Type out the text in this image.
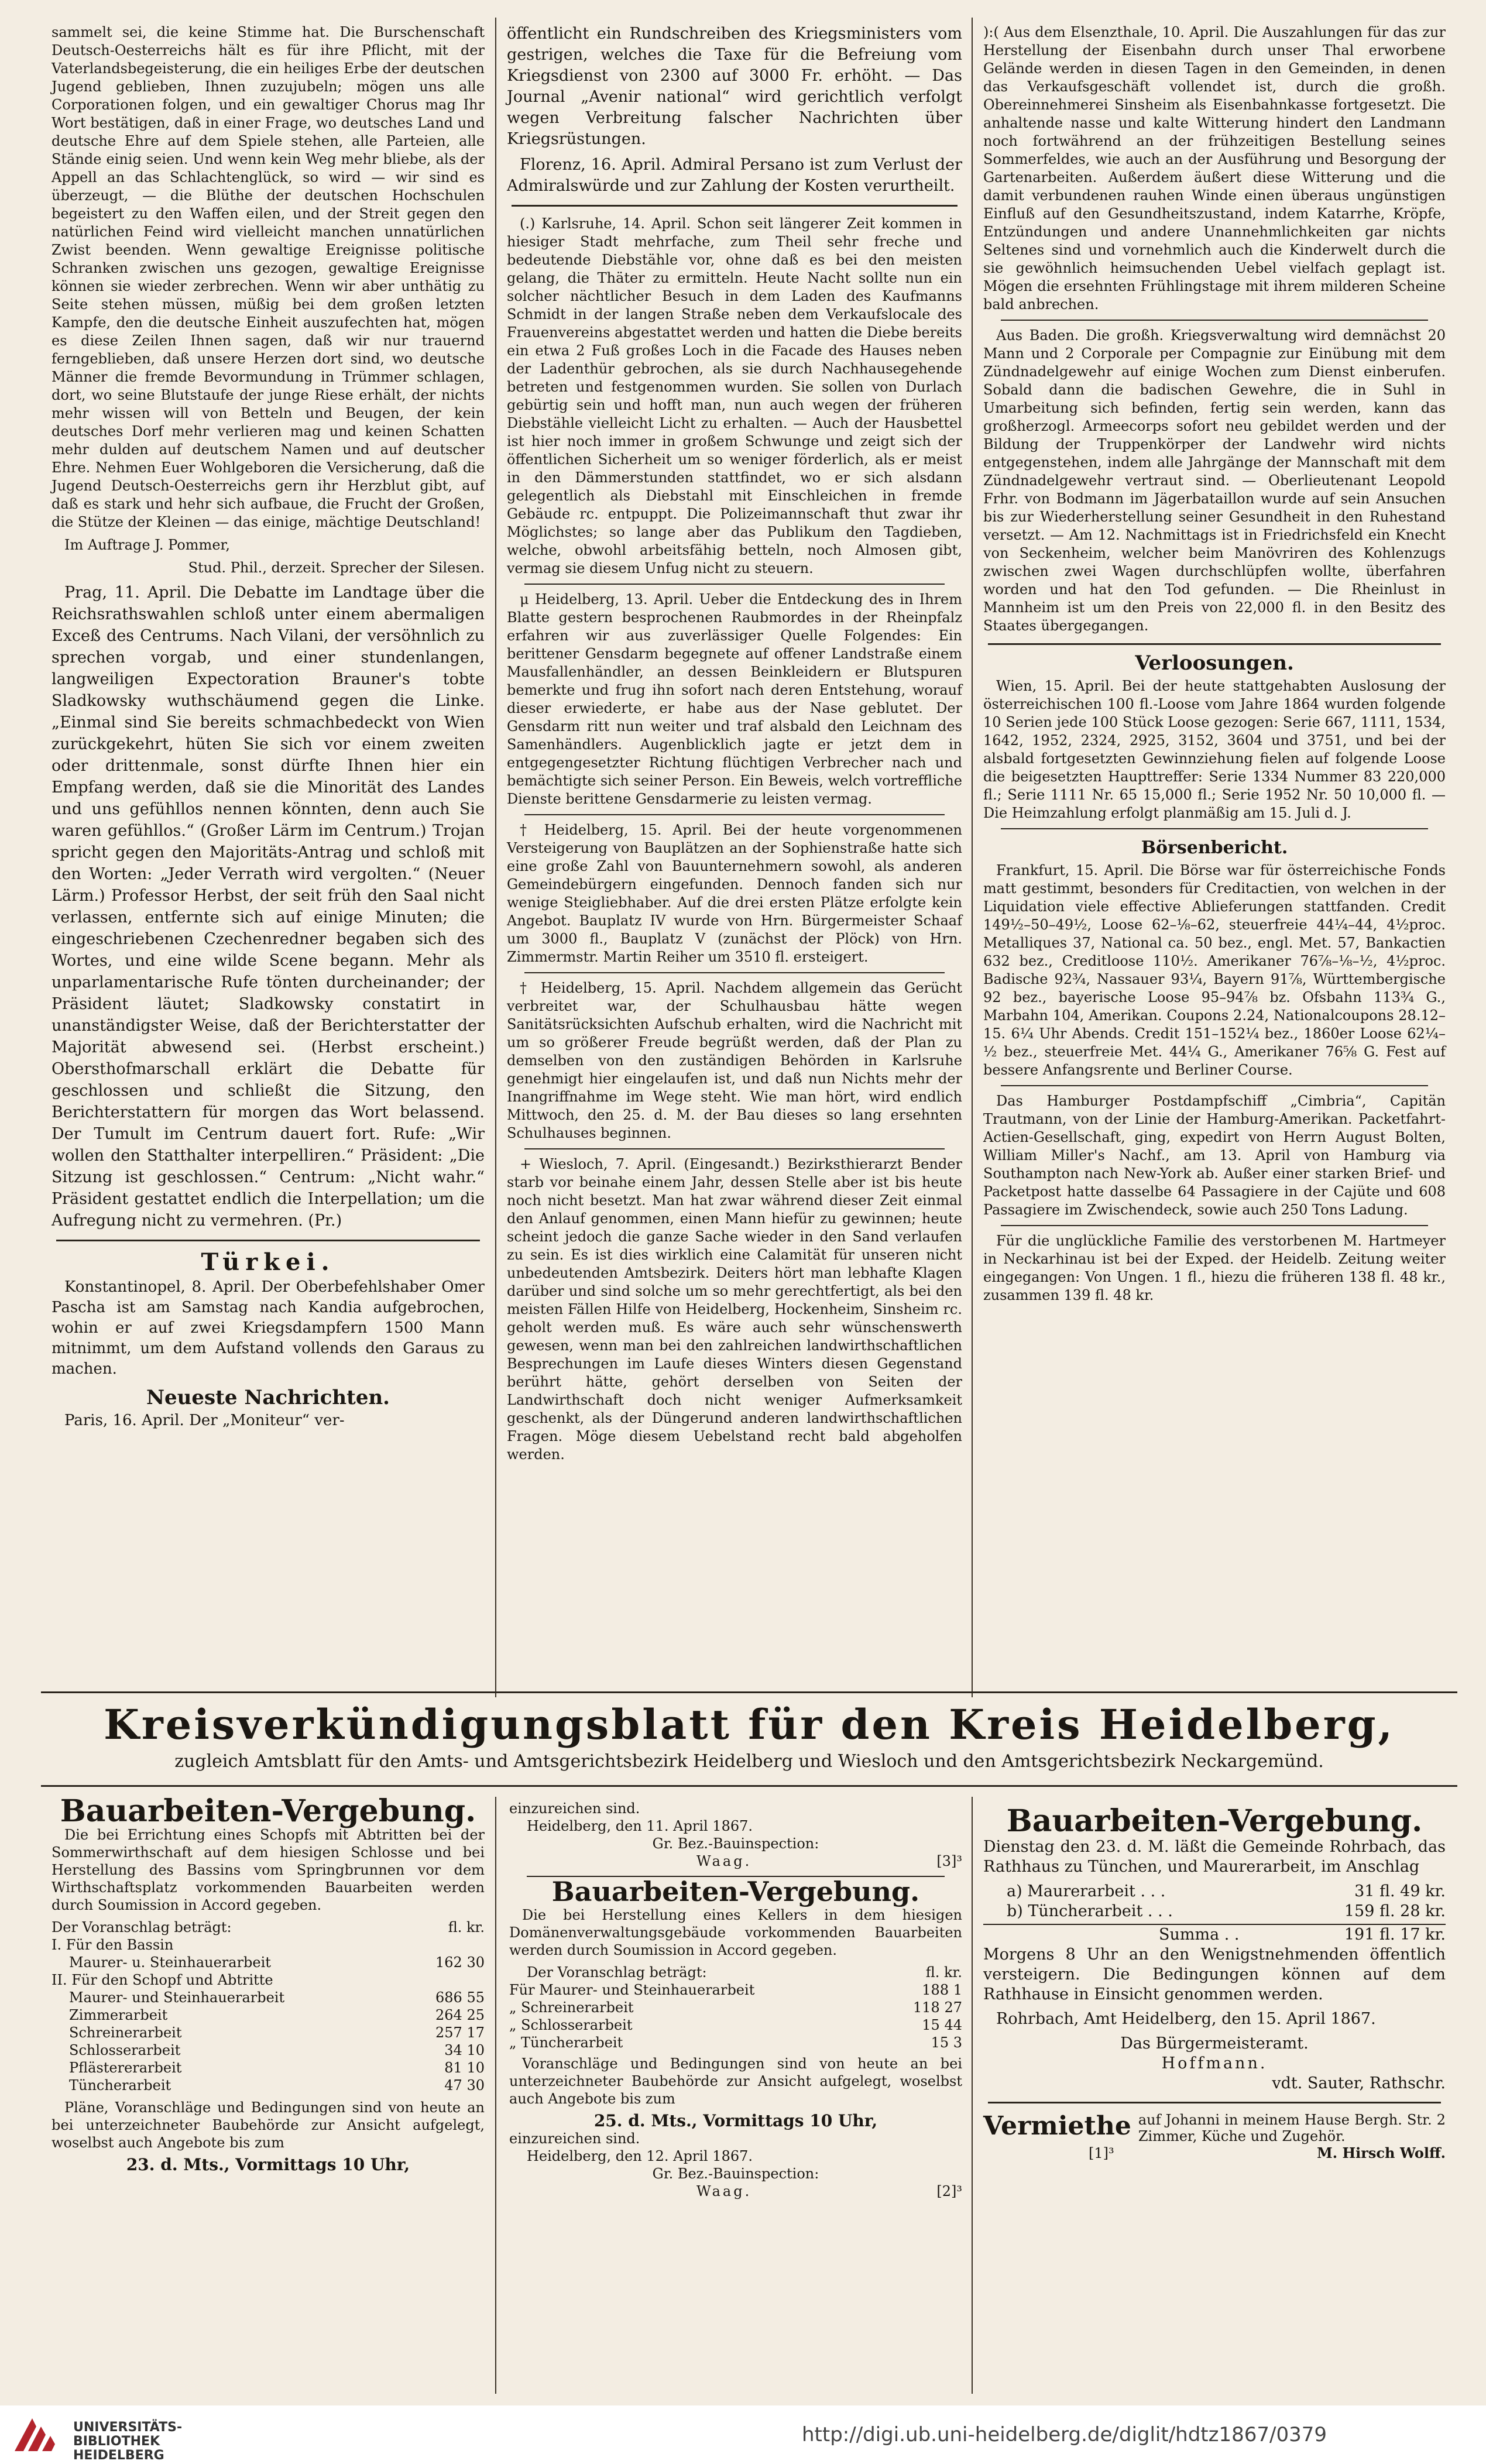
sammelt sei, die keine Stimme hat. Die Burschenschaft Deutsch-Oesterreichs hält es für ihre Pflicht, mit der Vaterlandsbegeisterung, die ein heiliges Erbe der deutschen Jugend geblieben, Ihnen zuzujubeln; mögen uns alle Corporationen folgen, und ein gewaltiger Chorus mag Ihr Wort bestätigen, daß in einer Frage, wo deutsches Land und deutsche Ehre auf dem Spiele stehen, alle Parteien, alle Stände einig seien. Und wenn kein Weg mehr bliebe, als der Appell an das Schlachtenglück, so wird — wir sind es überzeugt, — die Blüthe der deutschen Hochschulen begeistert zu den Waffen eilen, und der Streit gegen den natürlichen Feind wird vielleicht manchen unnatürlichen Zwist beenden. Wenn gewaltige Ereignisse politische Schranken zwischen uns gezogen, gewaltige Ereignisse können sie wieder zerbrechen. Wenn wir aber unthätig zu Seite stehen müssen, müßig bei dem großen letzten Kampfe, den die deutsche Einheit auszufechten hat, mögen es diese Zeilen Ihnen sagen, daß wir nur trauernd ferngeblieben, daß unsere Herzen dort sind, wo deutsche Männer die fremde Bevormundung in Trümmer schlagen, dort, wo seine Blutstaufe der junge Riese erhält, der nichts mehr wissen will von Betteln und Beugen, der kein deutsches Dorf mehr verlieren mag und keinen Schatten mehr dulden auf deutschem Namen und auf deutscher Ehre. Nehmen Euer Wohlgeboren die Versicherung, daß die Jugend Deutsch-Oesterreichs gern ihr Herzblut gibt, auf daß es stark und hehr sich aufbaue, die Frucht der Großen, die Stütze der Kleinen — das einige, mächtige Deutschland!

Im Auftrage J. Pommer,

Stud. Phil., derzeit. Sprecher der Silesen.

Prag, 11. April. Die Debatte im Landtage über die Reichsrathswahlen schloß unter einem abermaligen Exceß des Centrums. Nach Vilani, der versöhnlich zu sprechen vorgab, und einer stundenlangen, langweiligen Expectoration Brauner's tobte Sladkowsky wuthschäumend gegen die Linke. „Einmal sind Sie bereits schmachbedeckt von Wien zurückgekehrt, hüten Sie sich vor einem zweiten oder drittenmale, sonst dürfte Ihnen hier ein Empfang werden, daß sie die Minorität des Landes und uns gefühllos nennen könnten, denn auch Sie waren gefühllos.“ (Großer Lärm im Centrum.) Trojan spricht gegen den Majoritäts-Antrag und schloß mit den Worten: „Jeder Verrath wird vergolten.“ (Neuer Lärm.) Professor Herbst, der seit früh den Saal nicht verlassen, entfernte sich auf einige Minuten; die eingeschriebenen Czechenredner begaben sich des Wortes, und eine wilde Scene begann. Mehr als unparlamentarische Rufe tönten durcheinander; der Präsident läutet; Sladkowsky constatirt in unanständigster Weise, daß der Berichterstatter der Majorität abwesend sei. (Herbst erscheint.) Obersthofmarschall erklärt die Debatte für geschlossen und schließt die Sitzung, den Berichterstattern für morgen das Wort belassend. Der Tumult im Centrum dauert fort. Rufe: „Wir wollen den Statthalter interpelliren.“ Präsident: „Die Sitzung ist geschlossen.“ Centrum: „Nicht wahr.“ Präsident gestattet endlich die Interpellation; um die Aufregung nicht zu vermehren. (Pr.)

Türkei.

Konstantinopel, 8. April. Der Oberbefehlshaber Omer Pascha ist am Samstag nach Kandia aufgebrochen, wohin er auf zwei Kriegsdampfern 1500 Mann mitnimmt, um dem Aufstand vollends den Garaus zu machen.

Neueste Nachrichten.

Paris, 16. April. Der „Moniteur“ ver-

öffentlicht ein Rundschreiben des Kriegsministers vom gestrigen, welches die Taxe für die Befreiung vom Kriegsdienst von 2300 auf 3000 Fr. erhöht. — Das Journal „Avenir national“ wird gerichtlich verfolgt wegen Verbreitung falscher Nachrichten über Kriegsrüstungen.

Florenz, 16. April. Admiral Persano ist zum Verlust der Admiralswürde und zur Zahlung der Kosten verurtheilt.

(.) Karlsruhe, 14. April. Schon seit längerer Zeit kommen in hiesiger Stadt mehrfache, zum Theil sehr freche und bedeutende Diebstähle vor, ohne daß es bei den meisten gelang, die Thäter zu ermitteln. Heute Nacht sollte nun ein solcher nächtlicher Besuch in dem Laden des Kaufmanns Schmidt in der langen Straße neben dem Verkaufslocale des Frauenvereins abgestattet werden und hatten die Diebe bereits ein etwa 2 Fuß großes Loch in die Facade des Hauses neben der Ladenthür gebrochen, als sie durch Nachhausegehende betreten und festgenommen wurden. Sie sollen von Durlach gebürtig sein und hofft man, nun auch wegen der früheren Diebstähle vielleicht Licht zu erhalten. — Auch der Hausbettel ist hier noch immer in großem Schwunge und zeigt sich der öffentlichen Sicherheit um so weniger förderlich, als er meist in den Dämmerstunden stattfindet, wo er sich alsdann gelegentlich als Diebstahl mit Einschleichen in fremde Gebäude rc. entpuppt. Die Polizeimannschaft thut zwar ihr Möglichstes; so lange aber das Publikum den Tagdieben, welche, obwohl arbeitsfähig betteln, noch Almosen gibt, vermag sie diesem Unfug nicht zu steuern.

μ Heidelberg, 13. April. Ueber die Entdeckung des in Ihrem Blatte gestern besprochenen Raubmordes in der Rheinpfalz erfahren wir aus zuverlässiger Quelle Folgendes: Ein berittener Gensdarm begegnete auf offener Landstraße einem Mausfallenhändler, an dessen Beinkleidern er Blutspuren bemerkte und frug ihn sofort nach deren Entstehung, worauf dieser erwiederte, er habe aus der Nase geblutet. Der Gensdarm ritt nun weiter und traf alsbald den Leichnam des Samenhändlers. Augenblicklich jagte er jetzt dem in entgegengesetzter Richtung flüchtigen Verbrecher nach und bemächtigte sich seiner Person. Ein Beweis, welch vortreffliche Dienste berittene Gensdarmerie zu leisten vermag.

† Heidelberg, 15. April. Bei der heute vorgenommenen Versteigerung von Bauplätzen an der Sophienstraße hatte sich eine große Zahl von Bauunternehmern sowohl, als anderen Gemeindebürgern eingefunden. Dennoch fanden sich nur wenige Steigliebhaber. Auf die drei ersten Plätze erfolgte kein Angebot. Bauplatz IV wurde von Hrn. Bürgermeister Schaaf um 3000 fl., Bauplatz V (zunächst der Plöck) von Hrn. Zimmermstr. Martin Reiher um 3510 fl. ersteigert.

† Heidelberg, 15. April. Nachdem allgemein das Gerücht verbreitet war, der Schulhausbau hätte wegen Sanitätsrücksichten Aufschub erhalten, wird die Nachricht mit um so größerer Freude begrüßt werden, daß der Plan zu demselben von den zuständigen Behörden in Karlsruhe genehmigt hier eingelaufen ist, und daß nun Nichts mehr der Inangriffnahme im Wege steht. Wie man hört, wird endlich Mittwoch, den 25. d. M. der Bau dieses so lang ersehnten Schulhauses beginnen.

+ Wiesloch, 7. April. (Eingesandt.) Bezirksthierarzt Bender starb vor beinahe einem Jahr, dessen Stelle aber ist bis heute noch nicht besetzt. Man hat zwar während dieser Zeit einmal den Anlauf genommen, einen Mann hiefür zu gewinnen; heute scheint jedoch die ganze Sache wieder in den Sand verlaufen zu sein. Es ist dies wirklich eine Calamität für unseren nicht unbedeutenden Amtsbezirk. Deiters hört man lebhafte Klagen darüber und sind solche um so mehr gerechtfertigt, als bei den meisten Fällen Hilfe von Heidelberg, Hockenheim, Sinsheim rc. geholt werden muß. Es wäre auch sehr wünschenswerth gewesen, wenn man bei den zahlreichen landwirthschaftlichen Besprechungen im Laufe dieses Winters diesen Gegenstand berührt hätte, gehört derselben von Seiten der Landwirthschaft doch nicht weniger Aufmerksamkeit geschenkt, als der Düngerund anderen landwirthschaftlichen Fragen. Möge diesem Uebelstand recht bald abgeholfen werden.

):( Aus dem Elsenzthale, 10. April. Die Auszahlungen für das zur Herstellung der Eisenbahn durch unser Thal erworbene Gelände werden in diesen Tagen in den Gemeinden, in denen das Verkaufsgeschäft vollendet ist, durch die großh. Obereinnehmerei Sinsheim als Eisenbahnkasse fortgesetzt. Die anhaltende nasse und kalte Witterung hindert den Landmann noch fortwährend an der frühzeitigen Bestellung seines Sommerfeldes, wie auch an der Ausführung und Besorgung der Gartenarbeiten. Außerdem äußert diese Witterung und die damit verbundenen rauhen Winde einen überaus ungünstigen Einfluß auf den Gesundheitszustand, indem Katarrhe, Kröpfe, Entzündungen und andere Unannehmlichkeiten gar nichts Seltenes sind und vornehmlich auch die Kinderwelt durch die sie gewöhnlich heimsuchenden Uebel vielfach geplagt ist. Mögen die ersehnten Frühlingstage mit ihrem milderen Scheine bald anbrechen.

Aus Baden. Die großh. Kriegsverwaltung wird demnächst 20 Mann und 2 Corporale per Compagnie zur Einübung mit dem Zündnadelgewehr auf einige Wochen zum Dienst einberufen. Sobald dann die badischen Gewehre, die in Suhl in Umarbeitung sich befinden, fertig sein werden, kann das großherzogl. Armeecorps sofort neu gebildet werden und der Bildung der Truppenkörper der Landwehr wird nichts entgegenstehen, indem alle Jahrgänge der Mannschaft mit dem Zündnadelgewehr vertraut sind. — Oberlieutenant Leopold Frhr. von Bodmann im Jägerbataillon wurde auf sein Ansuchen bis zur Wiederherstellung seiner Gesundheit in den Ruhestand versetzt. — Am 12. Nachmittags ist in Friedrichsfeld ein Knecht von Seckenheim, welcher beim Manövriren des Kohlenzugs zwischen zwei Wagen durchschlüpfen wollte, überfahren worden und hat den Tod gefunden. — Die Rheinlust in Mannheim ist um den Preis von 22,000 fl. in den Besitz des Staates übergegangen.

Verloosungen.

Wien, 15. April. Bei der heute stattgehabten Auslosung der österreichischen 100 fl.-Loose vom Jahre 1864 wurden folgende 10 Serien jede 100 Stück Loose gezogen: Serie 667, 1111, 1534, 1642, 1952, 2324, 2925, 3152, 3604 und 3751, und bei der alsbald fortgesetzten Gewinnziehung fielen auf folgende Loose die beigesetzten Haupttreffer: Serie 1334 Nummer 83 220,000 fl.; Serie 1111 Nr. 65 15,000 fl.; Serie 1952 Nr. 50 10,000 fl. — Die Heimzahlung erfolgt planmäßig am 15. Juli d. J.

Börsenbericht.

Frankfurt, 15. April. Die Börse war für österreichische Fonds matt gestimmt, besonders für Creditactien, von welchen in der Liquidation viele effective Ablieferungen stattfanden. Credit 149½–50–49½, Loose 62–⅛–62, steuerfreie 44¼–44, 4½proc. Metalliques 37, National ca. 50 bez., engl. Met. 57, Bankactien 632 bez., Creditloose 110½. Amerikaner 76⅞–⅛–½, 4½proc. Badische 92¾, Nassauer 93¼, Bayern 91⅞, Württembergische 92 bez., bayerische Loose 95–94⅞ bz. Ofsbahn 113¾ G., Marbahn 104, Amerikan. Coupons 2.24, Nationalcoupons 28.12–15. 6¼ Uhr Abends. Credit 151–152¼ bez., 1860er Loose 62¼–½ bez., steuerfreie Met. 44¼ G., Amerikaner 76⅝ G. Fest auf bessere Anfangsrente und Berliner Course.

Das Hamburger Postdampfschiff „Cimbria“, Capitän Trautmann, von der Linie der Hamburg-Amerikan. Packetfahrt-Actien-Gesellschaft, ging, expedirt von Herrn August Bolten, William Miller's Nachf., am 13. April von Hamburg via Southampton nach New-York ab. Außer einer starken Brief- und Packetpost hatte dasselbe 64 Passagiere in der Cajüte und 608 Passagiere im Zwischendeck, sowie auch 250 Tons Ladung.

Für die unglückliche Familie des verstorbenen M. Hartmeyer in Neckarhinau ist bei der Exped. der Heidelb. Zeitung weiter eingegangen: Von Ungen. 1 fl., hiezu die früheren 138 fl. 48 kr., zusammen 139 fl. 48 kr.

Kreisverkündigungsblatt für den Kreis Heidelberg,
zugleich Amtsblatt für den Amts- und Amtsgerichtsbezirk Heidelberg und Wiesloch und den Amtsgerichtsbezirk Neckargemünd.
Bauarbeiten-Vergebung.

Die bei Errichtung eines Schopfs mit Abtritten bei der Sommerwirthschaft auf dem hiesigen Schlosse und bei Herstellung des Bassins vom Springbrunnen vor dem Wirthschaftsplatz vorkommenden Bauarbeiten werden durch Soumission in Accord gegeben.

Der Voranschlag beträgt:	fl. kr.
I. Für den Bassin
Maurer- u. Steinhauerarbeit	162 30
II. Für den Schopf und Abtritte
Maurer- und Steinhauerarbeit	686 55
Zimmerarbeit	264 25
Schreinerarbeit	257 17
Schlosserarbeit	34 10
Pflästererarbeit	81 10
Tüncherarbeit	47 30

Pläne, Voranschläge und Bedingungen sind von heute an bei unterzeichneter Baubehörde zur Ansicht aufgelegt, woselbst auch Angebote bis zum

23. d. Mts., Vormittags 10 Uhr,
einzureichen sind.
Heidelberg, den 11. April 1867.
Gr. Bez.-Bauinspection:
Waag.	[3]³
Bauarbeiten-Vergebung.

Die bei Herstellung eines Kellers in dem hiesigen Domänenverwaltungsgebäude vorkommenden Bauarbeiten werden durch Soumission in Accord gegeben.

Der Voranschlag beträgt:	fl. kr.
Für Maurer- und Steinhauerarbeit	188 1
„ Schreinerarbeit	118 27
„ Schlosserarbeit	15 44
„ Tüncherarbeit	15 3

Voranschläge und Bedingungen sind von heute an bei unterzeichneter Baubehörde zur Ansicht aufgelegt, woselbst auch Angebote bis zum

25. d. Mts., Vormittags 10 Uhr,
einzureichen sind.
Heidelberg, den 12. April 1867.
Gr. Bez.-Bauinspection:
Waag.	[2]³
Bauarbeiten-Vergebung.

Dienstag den 23. d. M. läßt die Gemeinde Rohrbach, das Rathhaus zu Tünchen, und Maurerarbeit, im Anschlag

a) Maurerarbeit . . .	31 fl. 49 kr.
b) Tüncherarbeit . . .	159 fl. 28 kr.
Summa . .	191 fl. 17 kr.

Morgens 8 Uhr an den Wenigstnehmenden öffentlich versteigern. Die Bedingungen können auf dem Rathhause in Einsicht genommen werden.

Rohrbach, Amt Heidelberg, den 15. April 1867.

Das Bürgermeisteramt.
Hoffmann.
vdt. Sauter, Rathschr.
Vermiethe auf Johanni in meinem Hause Bergh. Str. 2 Zimmer, Küche und Zugehör.
[1]³	M. Hirsch Wolff.
UNIVERSITÄTS-
BIBLIOTHEK
HEIDELBERG
http://digi.ub.uni-heidelberg.de/diglit/hdtz1867/0379
